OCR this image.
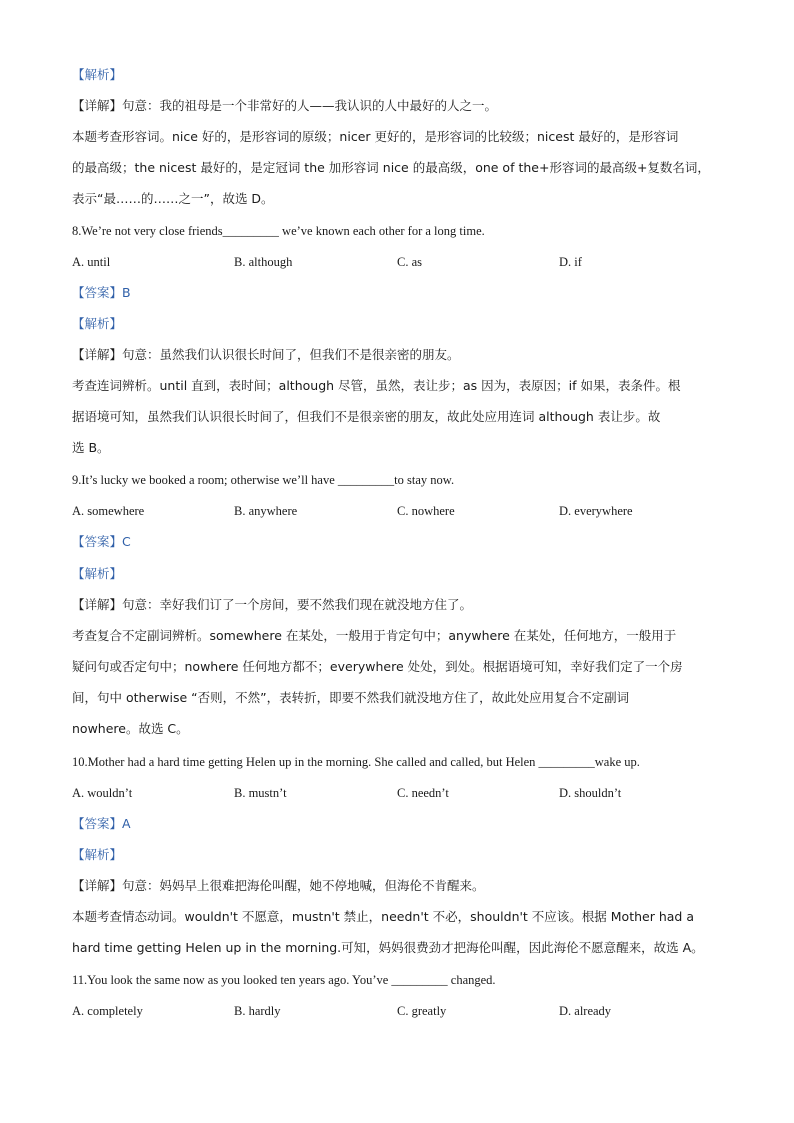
【解析】
【详解】句意：我的祖母是一个非常好的人——我认识的人中最好的人之一。
本题考查形容词。nice 好的，是形容词的原级；nicer 更好的，是形容词的比较级；nicest 最好的，是形容词
的最高级；the nicest 最好的，是定冠词 the 加形容词 nice 的最高级，one of the+形容词的最高级+复数名词，
表示“最……的……之一”，故选 D。
8.We’re not very close friends_________ we’ve known each other for a long time.
A. until	B. although	C. as	D. if
【答案】B
【解析】
【详解】句意：虽然我们认识很长时间了，但我们不是很亲密的朋友。
考查连词辨析。until 直到，表时间；although 尽管，虽然，表让步；as 因为，表原因；if 如果，表条件。根
据语境可知，虽然我们认识很长时间了，但我们不是很亲密的朋友，故此处应用连词 although 表让步。故
选 B。
9.It’s lucky we booked a room; otherwise we’ll have _________to stay now.
A. somewhere	B. anywhere	C. nowhere	D. everywhere
【答案】C
【解析】
【详解】句意：幸好我们订了一个房间，要不然我们现在就没地方住了。
考查复合不定副词辨析。somewhere 在某处，一般用于肯定句中；anywhere 在某处，任何地方，一般用于
疑问句或否定句中；nowhere 任何地方都不；everywhere 处处，到处。根据语境可知，幸好我们定了一个房
间，句中 otherwise “否则，不然”，表转折，即要不然我们就没地方住了，故此处应用复合不定副词
nowhere。故选 C。
10.Mother had a hard time getting Helen up in the morning. She called and called, but Helen _________wake up.
A. wouldn’t	B. mustn’t	C. needn’t	D. shouldn’t
【答案】A
【解析】
【详解】句意：妈妈早上很难把海伦叫醒，她不停地喊，但海伦不肯醒来。
本题考查情态动词。wouldn't 不愿意，mustn't 禁止，needn't 不必，shouldn't 不应该。根据 Mother had a
hard time getting Helen up in the morning.可知，妈妈很费劲才把海伦叫醒，因此海伦不愿意醒来，故选 A。
11.You look the same now as you looked ten years ago. You’ve _________ changed.
A. completely	B. hardly	C. greatly	D. already
